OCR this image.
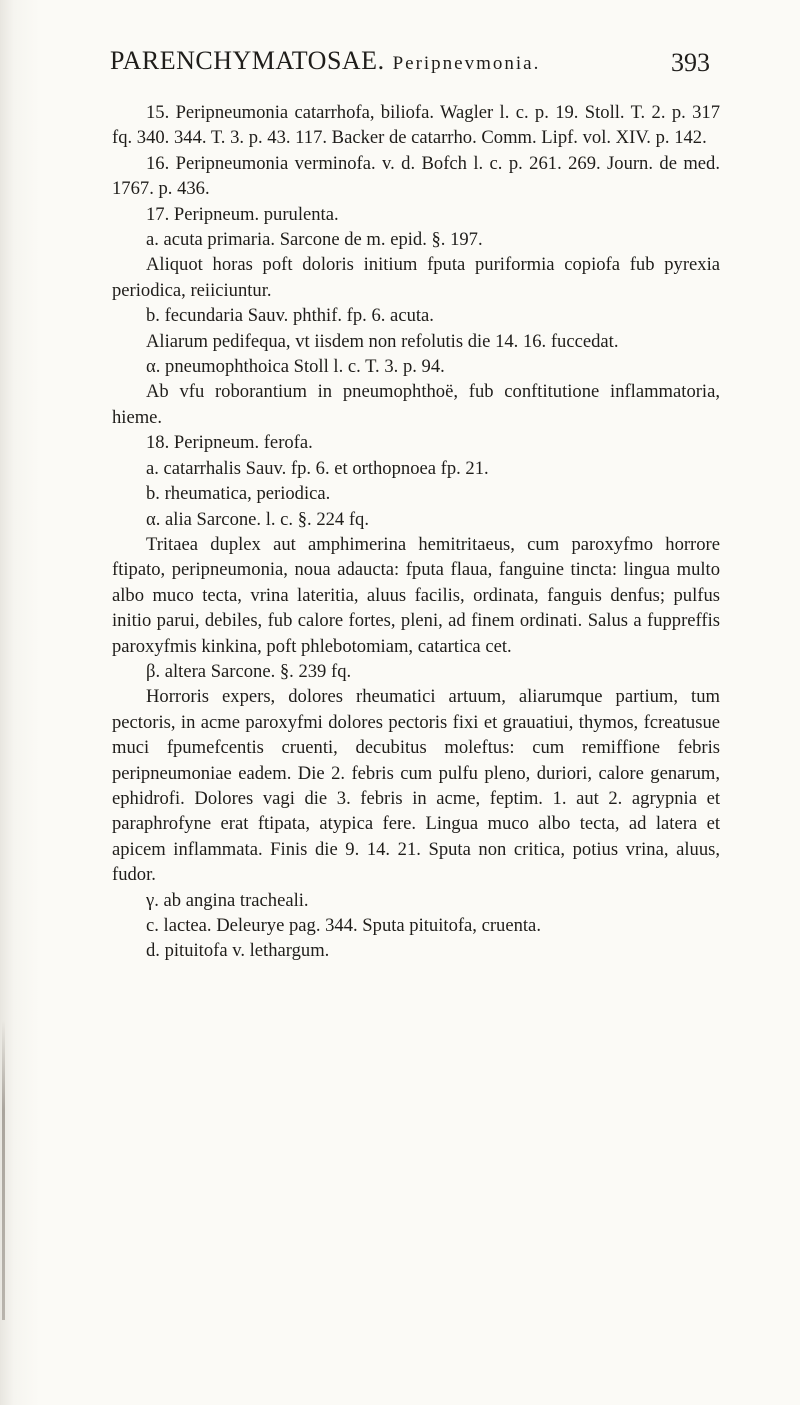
PARENCHYMATOSAE. Peripnevmonia.	393

15. Peripneumonia catarrhofa, biliofa. Wagler l. c. p. 19. Stoll. T. 2. p. 317 fq. 340. 344. T. 3. p. 43. 117. Backer de catarrho. Comm. Lipf. vol. XIV. p. 142.

16. Peripneumonia verminofa. v. d. Bofch l. c. p. 261. 269. Journ. de med. 1767. p. 436.

17. Peripneum. purulenta.

a. acuta primaria. Sarcone de m. epid. §. 197.

Aliquot horas poft doloris initium fputa puriformia copiofa fub pyrexia periodica, reiiciuntur.

b. fecundaria Sauv. phthif. fp. 6. acuta.

Aliarum pedifequa, vt iisdem non refolutis die 14. 16. fuccedat.

α. pneumophthoica Stoll l. c. T. 3. p. 94.

Ab vfu roborantium in pneumophthoë, fub conftitutione inflammatoria, hieme.

18. Peripneum. ferofa.

a. catarrhalis Sauv. fp. 6. et orthopnoea fp. 21.

b. rheumatica, periodica.

α. alia Sarcone. l. c. §. 224 fq.

Tritaea duplex aut amphimerina hemitritaeus, cum paroxyfmo horrore ftipato, peripneumonia, noua adaucta: fputa flaua, fanguine tincta: lingua multo albo muco tecta, vrina lateritia, aluus facilis, ordinata, fanguis denfus; pulfus initio parui, debiles, fub calore fortes, pleni, ad finem ordinati. Salus a fuppreffis paroxyfmis kinkina, poft phlebotomiam, catartica cet.

β. altera Sarcone. §. 239 fq.

Horroris expers, dolores rheumatici artuum, aliarumque partium, tum pectoris, in acme paroxyfmi dolores pectoris fixi et grauatiui, thymos, fcreatusue muci fpumefcentis cruenti, decubitus moleftus: cum remiffione febris peripneumoniae eadem. Die 2. febris cum pulfu pleno, duriori, calore genarum, ephidrofi. Dolores vagi die 3. febris in acme, feptim. 1. aut 2. agrypnia et paraphrofyne erat ftipata, atypica fere. Lingua muco albo tecta, ad latera et apicem inflammata. Finis die 9. 14. 21. Sputa non critica, potius vrina, aluus, fudor.

γ. ab angina tracheali.

c. lactea. Deleurye pag. 344. Sputa pituitofa, cruenta.

d. pituitofa v. lethargum.
